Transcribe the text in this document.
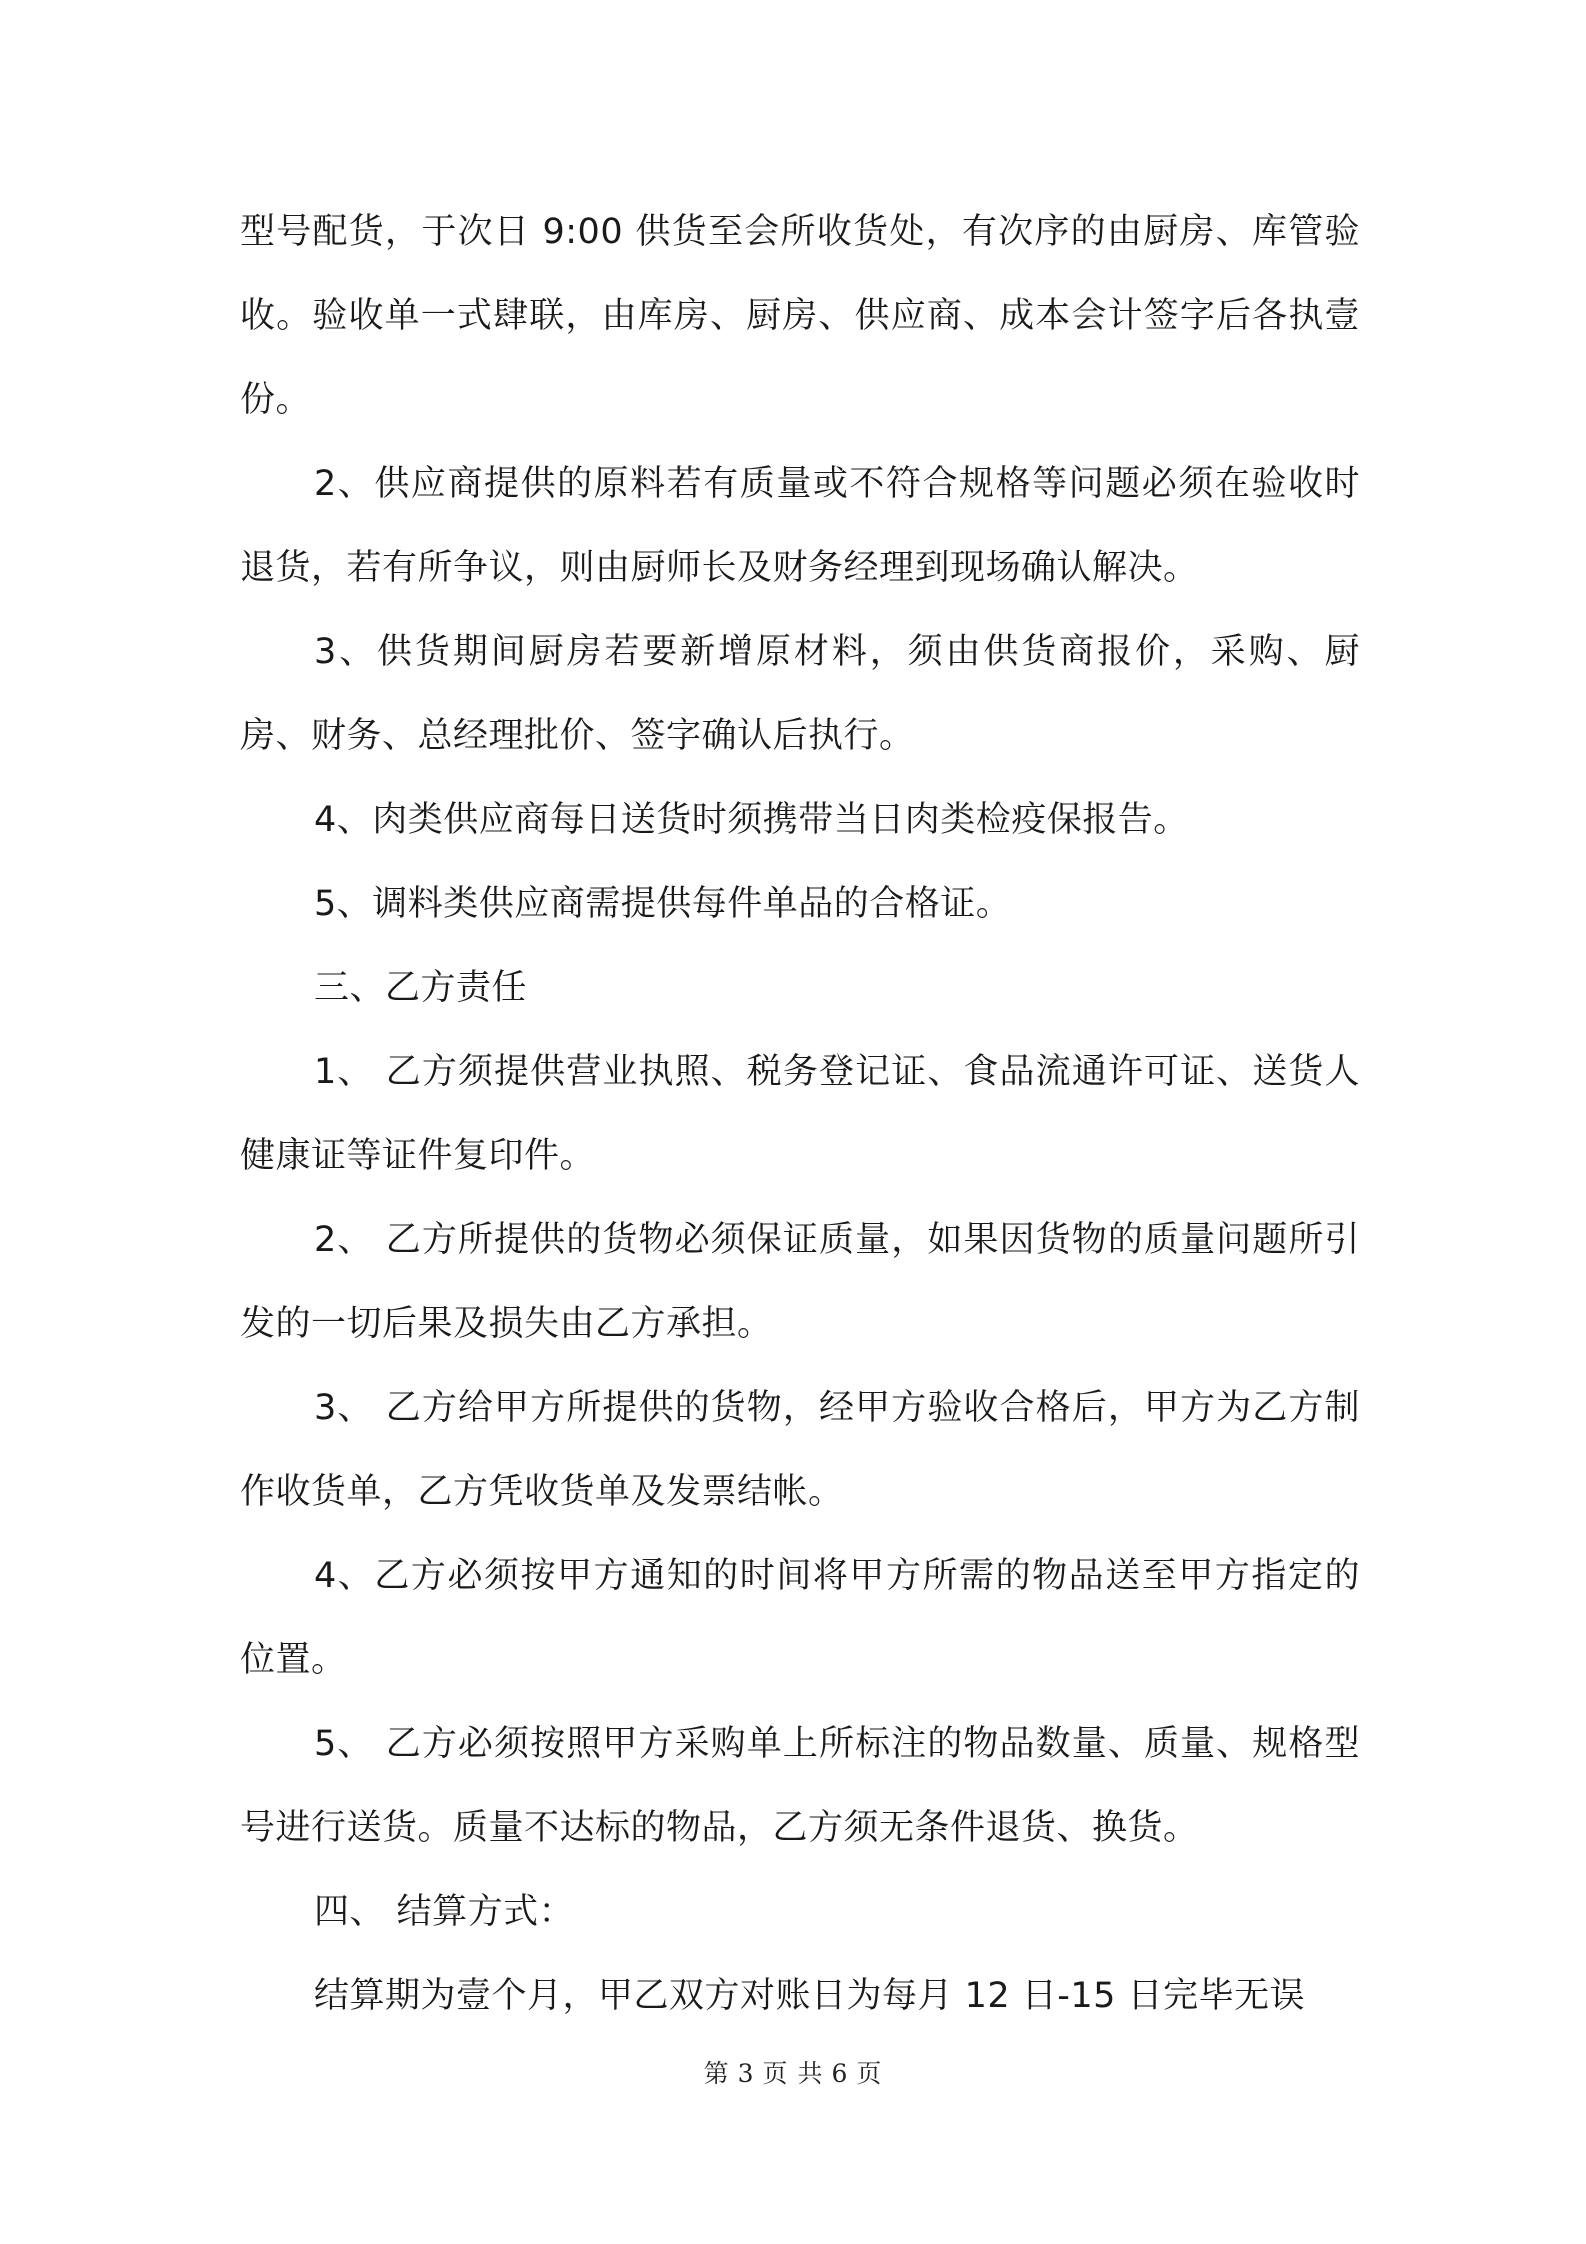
型号配货，于次日 9:00 供货至会所收货处，有次序的由厨房、库管验收。验收单一式肆联，由库房、厨房、供应商、成本会计签字后各执壹份。

2、供应商提供的原料若有质量或不符合规格等问题必须在验收时退货，若有所争议，则由厨师长及财务经理到现场确认解决。

3、供货期间厨房若要新增原材料，须由供货商报价，采购、厨房、财务、总经理批价、签字确认后执行。

4、肉类供应商每日送货时须携带当日肉类检疫保报告。

5、调料类供应商需提供每件单品的合格证。

三、乙方责任

1、 乙方须提供营业执照、税务登记证、食品流通许可证、送货人健康证等证件复印件。

2、 乙方所提供的货物必须保证质量，如果因货物的质量问题所引发的一切后果及损失由乙方承担。

3、 乙方给甲方所提供的货物，经甲方验收合格后，甲方为乙方制作收货单，乙方凭收货单及发票结帐。

4、乙方必须按甲方通知的时间将甲方所需的物品送至甲方指定的位置。

5、 乙方必须按照甲方采购单上所标注的物品数量、质量、规格型号进行送货。质量不达标的物品，乙方须无条件退货、换货。

四、 结算方式：

结算期为壹个月，甲乙双方对账日为每月 12 日-15 日完毕无误

第 3 页 共 6 页
